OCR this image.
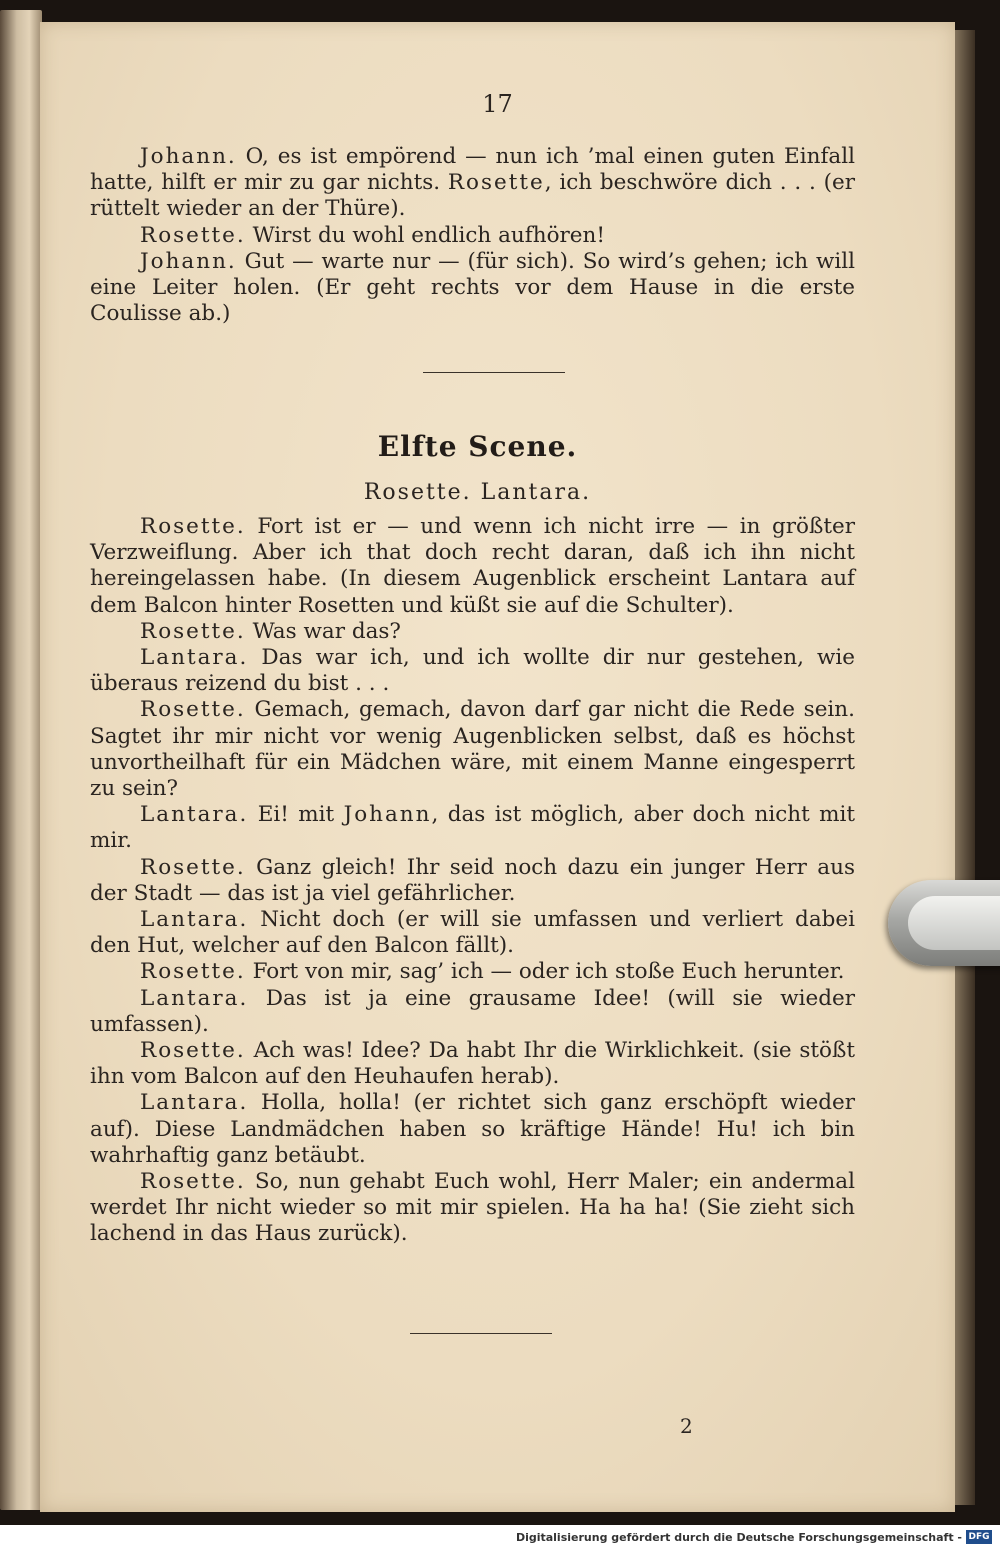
17

Johann. O, es ist empörend — nun ich ’mal einen guten Einfall hatte, hilft er mir zu gar nichts. Rosette, ich beschwöre dich . . . (er rüttelt wieder an der Thüre).

Rosette. Wirst du wohl endlich aufhören!

Johann. Gut — warte nur — (für sich). So wird’s gehen; ich will eine Leiter holen. (Er geht rechts vor dem Hause in die erste Coulisse ab.)

Elfte Scene.
Rosette. Lantara.

Rosette. Fort ist er — und wenn ich nicht irre — in größter Verzweiflung. Aber ich that doch recht daran, daß ich ihn nicht hereingelassen habe. (In diesem Augenblick erscheint Lantara auf dem Balcon hinter Rosetten und küßt sie auf die Schulter).

Rosette. Was war das?

Lantara. Das war ich, und ich wollte dir nur gestehen, wie überaus reizend du bist . . .

Rosette. Gemach, gemach, davon darf gar nicht die Rede sein. Sagtet ihr mir nicht vor wenig Augenblicken selbst, daß es höchst unvortheilhaft für ein Mädchen wäre, mit einem Manne eingesperrt zu sein?

Lantara. Ei! mit Johann, das ist möglich, aber doch nicht mit mir.

Rosette. Ganz gleich! Ihr seid noch dazu ein junger Herr aus der Stadt — das ist ja viel gefährlicher.

Lantara. Nicht doch (er will sie umfassen und verliert dabei den Hut, welcher auf den Balcon fällt).

Rosette. Fort von mir, sag’ ich — oder ich stoße Euch herunter.

Lantara. Das ist ja eine grausame Idee! (will sie wieder umfassen).

Rosette. Ach was! Idee? Da habt Ihr die Wirklichkeit. (sie stößt ihn vom Balcon auf den Heuhaufen herab).

Lantara. Holla, holla! (er richtet sich ganz erschöpft wieder auf). Diese Landmädchen haben so kräftige Hände! Hu! ich bin wahrhaftig ganz betäubt.

Rosette. So, nun gehabt Euch wohl, Herr Maler; ein andermal werdet Ihr nicht wieder so mit mir spielen. Ha ha ha! (Sie zieht sich lachend in das Haus zurück).

2
Digitalisierung gefördert durch die Deutsche Forschungsgemeinschaft - DFG
